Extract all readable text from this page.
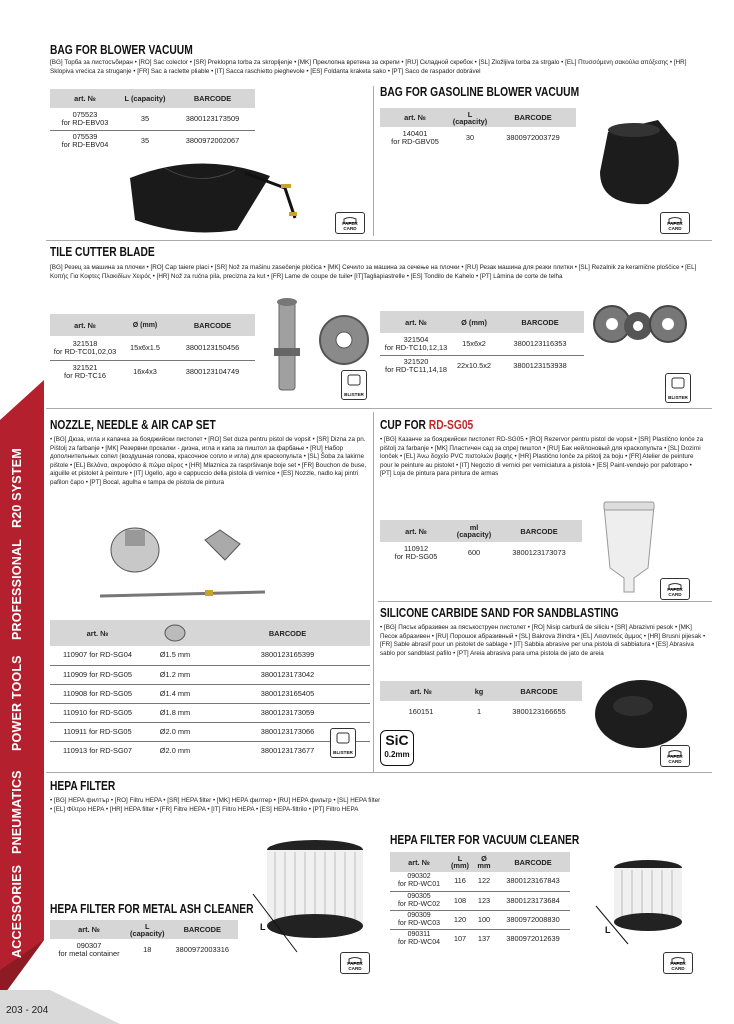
ACCESSORIES
PNEUMATICS
POWER TOOLS
PROFESSIONAL
R20 SYSTEM
203 - 204
BAG FOR BLOWER VACUUM
[BG] Торба за листосъбиран • [RO] Sac colector • [SR] Preklopna torba za skropljenje • [MK] Преклопна вретена за скрепи • [RU] Складной скребок • [SL] Zložljiva torba za strgalo • [EL] Πτυσσόμενη σακούλα απόξεσης • [HR] Sklopiva vrećica za struganje • [FR] Sac à raclette pliable • [IT] Sacca raschietto pieghevole • [ES] Foldanta kraketa sako • [PT] Saco de raspador dobrável
art. №	L (capacity)	BARCODE
075523
for RD-EBV03	35	3800123173509
075539
for RD-EBV04	35	3800972002067
BAG FOR GASOLINE BLOWER VACUUM
art. №	L (capacity)	BARCODE
140401
for RD-GBV05	30	3800972003729
PAPER CARD
PAPER CARD
TILE CUTTER BLADE
[BG] Резец за машина за плочки • [RO] Cap taiere placi • [SR] Nož za mašinu zasečenje pločica • [MK] Сечило за машина за сечење на плочки • [RU] Резак машина для резки плитки • [SL] Rezalnik za keramične ploščice • [EL] Κοπής Για Κοφτες Πλακιδίων Χειρός • [HR] Nož za ručna pila, precizna za kut • [FR] Lame de coupe de tuile• [IT]Tagliapiastrelle • [ES] Tondilo de Kahelo • [PT] Lâmina de corte de telha
art. №	Ø (mm)	BARCODE
321518
for RD-TC01,02,03	15x6x1.5	3800123150456
321521
for RD-TC16	16x4x3	3800123104749
BLISTER
art. №	Ø (mm)	BARCODE
321504
for RD-TC10,12,13	15x6x2	3800123116353
321520
for RD-TC11,14,18	22x10.5x2	3800123153938
BLISTER
NOZZLE, NEEDLE & AIR CAP SET
• [BG] Дюза, игла и капачка за бояджийски пистолет • [RO] Set duza pentru pistol de vopsit • [SR] Dizna za pn. Pištolj za farbanje • [MK] Резервни прскалки - дизна, игла и капа за пиштол за фарбање • [RU] Набор дополнительных сопел (воздушная голова, красочное сопло и игла) для краскопульта • [SL] Šoba za lakirne pištole • [EL] Βελόνα, ακροφύσιο & πώμα αέρος • [HR] Mlaznica za raspršivanje boje set • [FR] Bouchon de buse, aiguille et pistolet à peinture • [IT] Ugello, ago e cappuccio della pistola di vernice • [ES] Nozzle, nadlo kaj pintri pafilon ĉapo • [PT] Bocal, agulha e tampa de pistola de pintura
art. №		BARCODE
110907 for RD-SG04	Ø1.5 mm	3800123165399
110909 for RD-SG05	Ø1.2 mm	3800123173042
110908 for RD-SG05	Ø1.4 mm	3800123165405
110910 for RD-SG05	Ø1.8 mm	3800123173059
110911 for RD-SG05	Ø2.0 mm	3800123173066
110913 for RD-SG07	Ø2.0 mm	3800123173677	BLISTER
CUP FOR RD-SG05
• [BG] Казанче за бояджийски пистолет RD-SG05 • [RO] Rezervor pentru pistol de vopsit • [SR] Plastično lonče za pištolj za farbanje • [MK] Пластичен сад за спреј пиштол • [RU] Бак нейлоновый для краскопульта • [SL] Dozirni lonček • [EL] Άνω δοχείο PVC πιστολιών βαφής • [HR] Plastično lonče za pištolj za boju • [FR] Atelier de peinture pour le peinture au pistolet • [IT] Negozio di vernici per verniciatura a pistola • [ES] Paint-vendejo por pafotrapo • [PT] Loja de pintura para pintura de armas
art. №	ml (capacity)	BARCODE
110912
for RD-SG05	600	3800123173073
PAPER CARD
SILICONE CARBIDE SAND FOR SANDBLASTING
• [BG] Пясък абразивен за пясъкоструен пистолет • [RO] Nisip carbură de siliciu • [SR] Abrazivni pesok • [MK] Песок абразивен • [RU] Порошок абразивный • [SL] Bakrova žlindra • [EL] Λειαντικός άμμος • [HR] Brusni pijesak • [FR] Sable abrasif pour un pistolet de sablage • [IT] Sabbia abrasive per una pistola di sabbiatura • [ES] Abrasiva sablo por sandblast pafilo • [PT] Areia abrasiva para uma pistola de jato de areia
art. №	kg	BARCODE
160151	1	3800123166655
SiC
0.2mm	PAPER CARD
HEPA FILTER
• [BG] HEPA филтър • [RO] Filtru HEPA • [SR] HEPA filter • [MK] HEPA филтер • [RU] HEPA фильтр • [SL] HEPA filter
• [EL] Φίλτρο HEPA • [HR] HEPA filter • [FR] Filtre HEPA • [IT] Filtro HEPA • [ES] HEPA-filtrilo • [PT] Filtro HEPA
HEPA FILTER FOR METAL ASH CLEANER
art. №	L (capacity)	BARCODE
090307
for metal container	18	3800972003316
L
PAPER CARD
HEPA FILTER FOR VACUUM CLEANER
art. №	L (mm)	Ø mm	BARCODE
090302
for RD-WC01	116	122	3800123167843
090305
for RD-WC02	108	123	3800123173684
090309
for RD-WC03	120	100	3800972008830
090311
for RD-WC04	107	137	3800972012639
L
PAPER CARD
